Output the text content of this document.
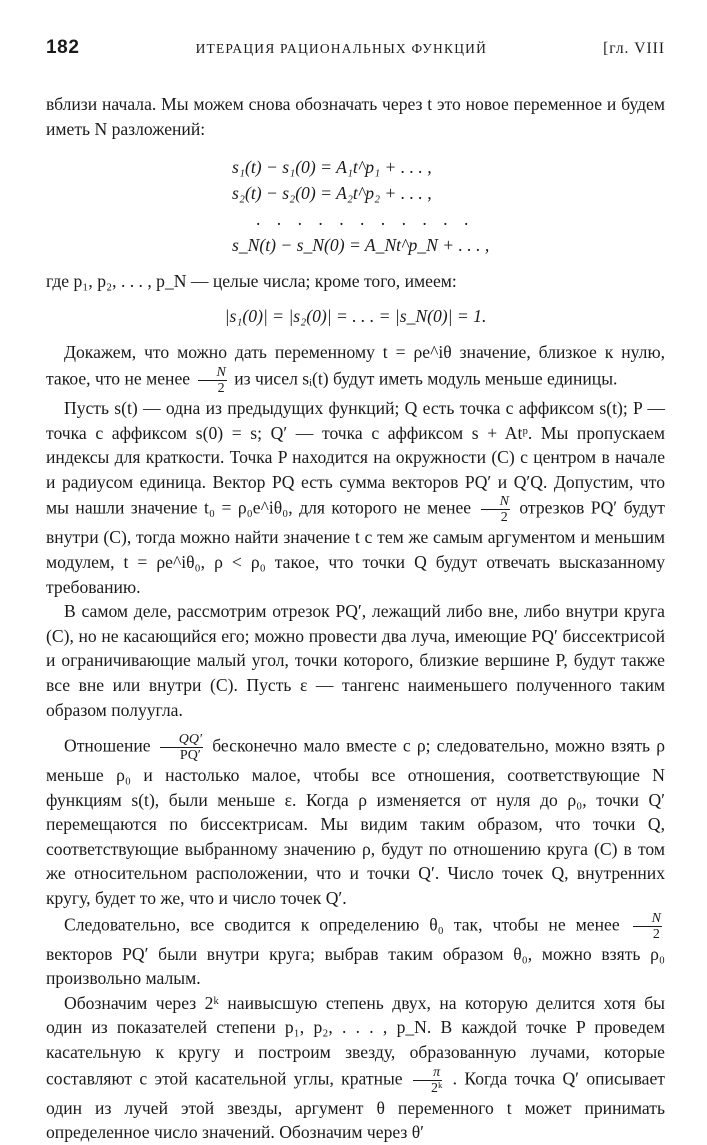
182	ИТЕРАЦИЯ РАЦИОНАЛЬНЫХ ФУНКЦИЙ	[гл. VIII

вблизи начала. Мы можем снова обозначать через t это новое переменное и будем иметь N разложений:

s₁(t) − s₁(0) = A₁t^p₁ + . . . ,
s₂(t) − s₂(0) = A₂t^p₂ + . . . ,
. . . . . . . . . . .
s_N(t) − s_N(0) = A_Nt^p_N + . . . ,

где p₁, p₂, . . . , p_N — целые числа; кроме того, имеем:

|s₁(0)| = |s₂(0)| = . . . = |s_N(0)| = 1.

Докажем, что можно дать переменному t = ρe^iθ значение, близкое к нулю, такое, что не менее $\frac{N}{2}$ из чисел sᵢ(t) будут иметь модуль меньше единицы.

Пусть s(t) — одна из предыдущих функций; Q есть точка с аффиксом s(t); P — точка с аффиксом s(0) = s; Q′ — точка с аффиксом s + Atᵖ. Мы пропускаем индексы для краткости. Точка P находится на окружности (C) с центром в начале и радиусом единица. Вектор PQ есть сумма векторов PQ′ и Q′Q. Допустим, что мы нашли значение t₀ = ρ₀e^iθ₀, для которого не менее $\frac{N}{2}$ отрезков PQ′ будут внутри (C), тогда можно найти значение t с тем же самым аргументом и меньшим модулем, t = ρe^iθ₀, ρ < ρ₀ такое, что точки Q будут отвечать высказанному требованию.

В самом деле, рассмотрим отрезок PQ′, лежащий либо вне, либо внутри круга (C), но не касающийся его; можно провести два луча, имеющие PQ′ биссектрисой и ограничивающие малый угол, точки которого, близкие вершине P, будут также все вне или внутри (C). Пусть ε — тангенс наименьшего полученного таким образом полуугла.

Отношение $\frac{QQ'}{PQ'}$ бесконечно мало вместе с ρ; следовательно, можно взять ρ меньше ρ₀ и настолько малое, чтобы все отношения, соответствующие N функциям s(t), были меньше ε. Когда ρ изменяется от нуля до ρ₀, точки Q′ перемещаются по биссектрисам. Мы видим таким образом, что точки Q, соответствующие выбранному значению ρ, будут по отношению круга (C) в том же относительном расположении, что и точки Q′. Число точек Q, внутренних кругу, будет то же, что и число точек Q′.

Следовательно, все сводится к определению θ₀ так, чтобы не менее $\frac{N}{2}$
векторов PQ′ были внутри круга; выбрав таким образом θ₀, можно взять ρ₀ произвольно малым.

Обозначим через 2ᵏ наивысшую степень двух, на которую делится хотя бы один из показателей степени p₁, p₂, . . . , p_N. В каждой точке P проведем касательную к кругу и построим звезду, образованную лучами, которые составляют с этой касательной углы, кратные $\frac{\pi}{\text{2ᵏ}}$ . Когда точка Q′ описывает один из лучей этой звезды, аргумент θ переменного t может принимать определенное число значений. Обозначим через θ′
